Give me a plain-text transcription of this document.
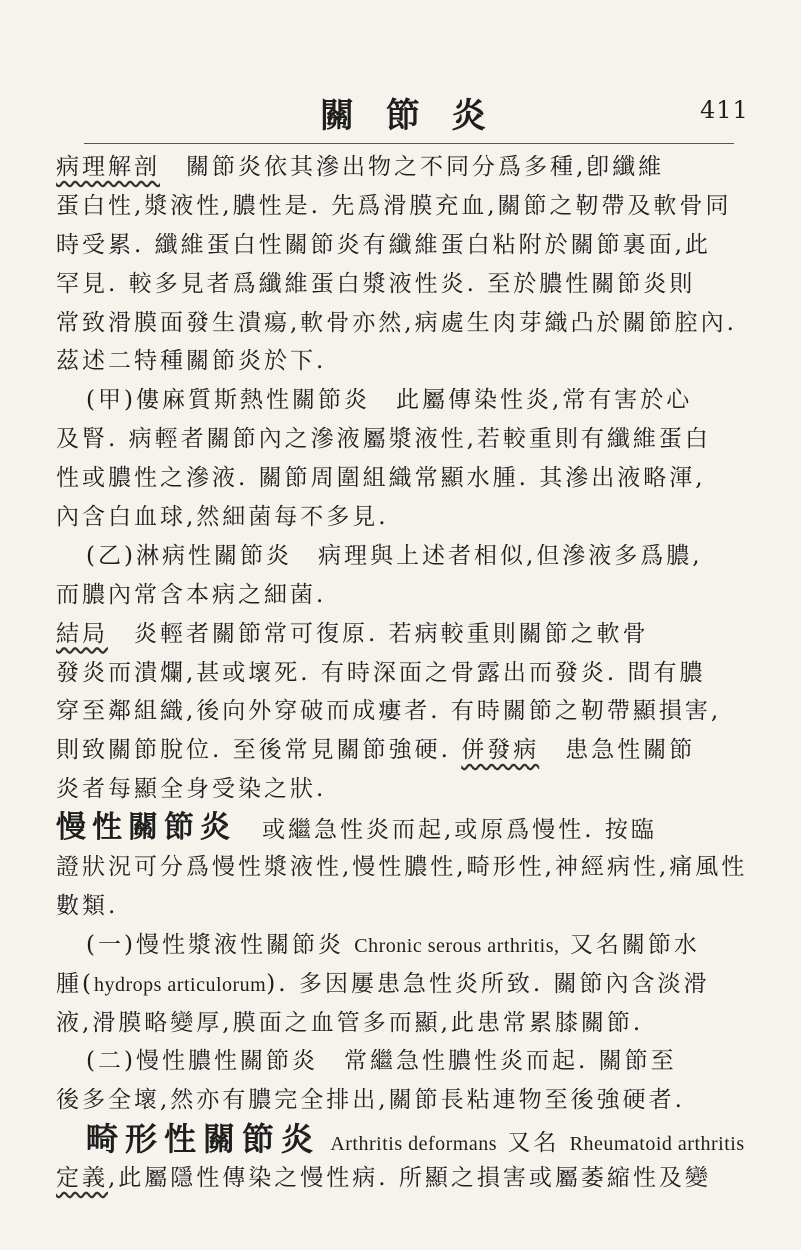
關 節 炎	411
病理解剖　關節炎依其滲出物之不同分爲多種,卽纖維
蛋白性,漿液性,膿性是. 先爲滑膜充血,關節之靭帶及軟骨同
時受累. 纖維蛋白性關節炎有纖維蛋白粘附於關節裏面,此
罕見. 較多見者爲纖維蛋白漿液性炎. 至於膿性關節炎則
常致滑膜面發生潰瘍,軟骨亦然,病處生肉芽織凸於關節腔內.
茲述二特種關節炎於下.
(甲)僂麻質斯熱性關節炎　此屬傳染性炎,常有害於心
及腎. 病輕者關節內之滲液屬漿液性,若較重則有纖維蛋白
性或膿性之滲液. 關節周圍組織常顯水腫. 其滲出液略渾,
內含白血球,然細菌每不多見.
(乙)淋病性關節炎　病理與上述者相似,但滲液多爲膿,
而膿內常含本病之細菌.
結局　炎輕者關節常可復原. 若病較重則關節之軟骨
發炎而潰爛,甚或壞死. 有時深面之骨露出而發炎. 間有膿
穿至鄰組織,後向外穿破而成瘻者. 有時關節之靭帶顯損害,
則致關節脫位. 至後常見關節強硬. 併發病　患急性關節
炎者每顯全身受染之狀.
慢性關節炎　或繼急性炎而起,或原爲慢性. 按臨
證狀況可分爲慢性漿液性,慢性膿性,畸形性,神經病性,痛風性
數類.
(一)慢性漿液性關節炎 Chronic serous arthritis, 又名關節水
腫(hydrops articulorum). 多因屢患急性炎所致. 關節內含淡滑
液,滑膜略變厚,膜面之血管多而顯,此患常累膝關節.
(二)慢性膿性關節炎　常繼急性膿性炎而起. 關節至
後多全壞,然亦有膿完全排出,關節長粘連物至後強硬者.
畸形性關節炎 Arthritis deformans 又名 Rheumatoid arthritis
定義,此屬隱性傳染之慢性病. 所顯之損害或屬萎縮性及變
